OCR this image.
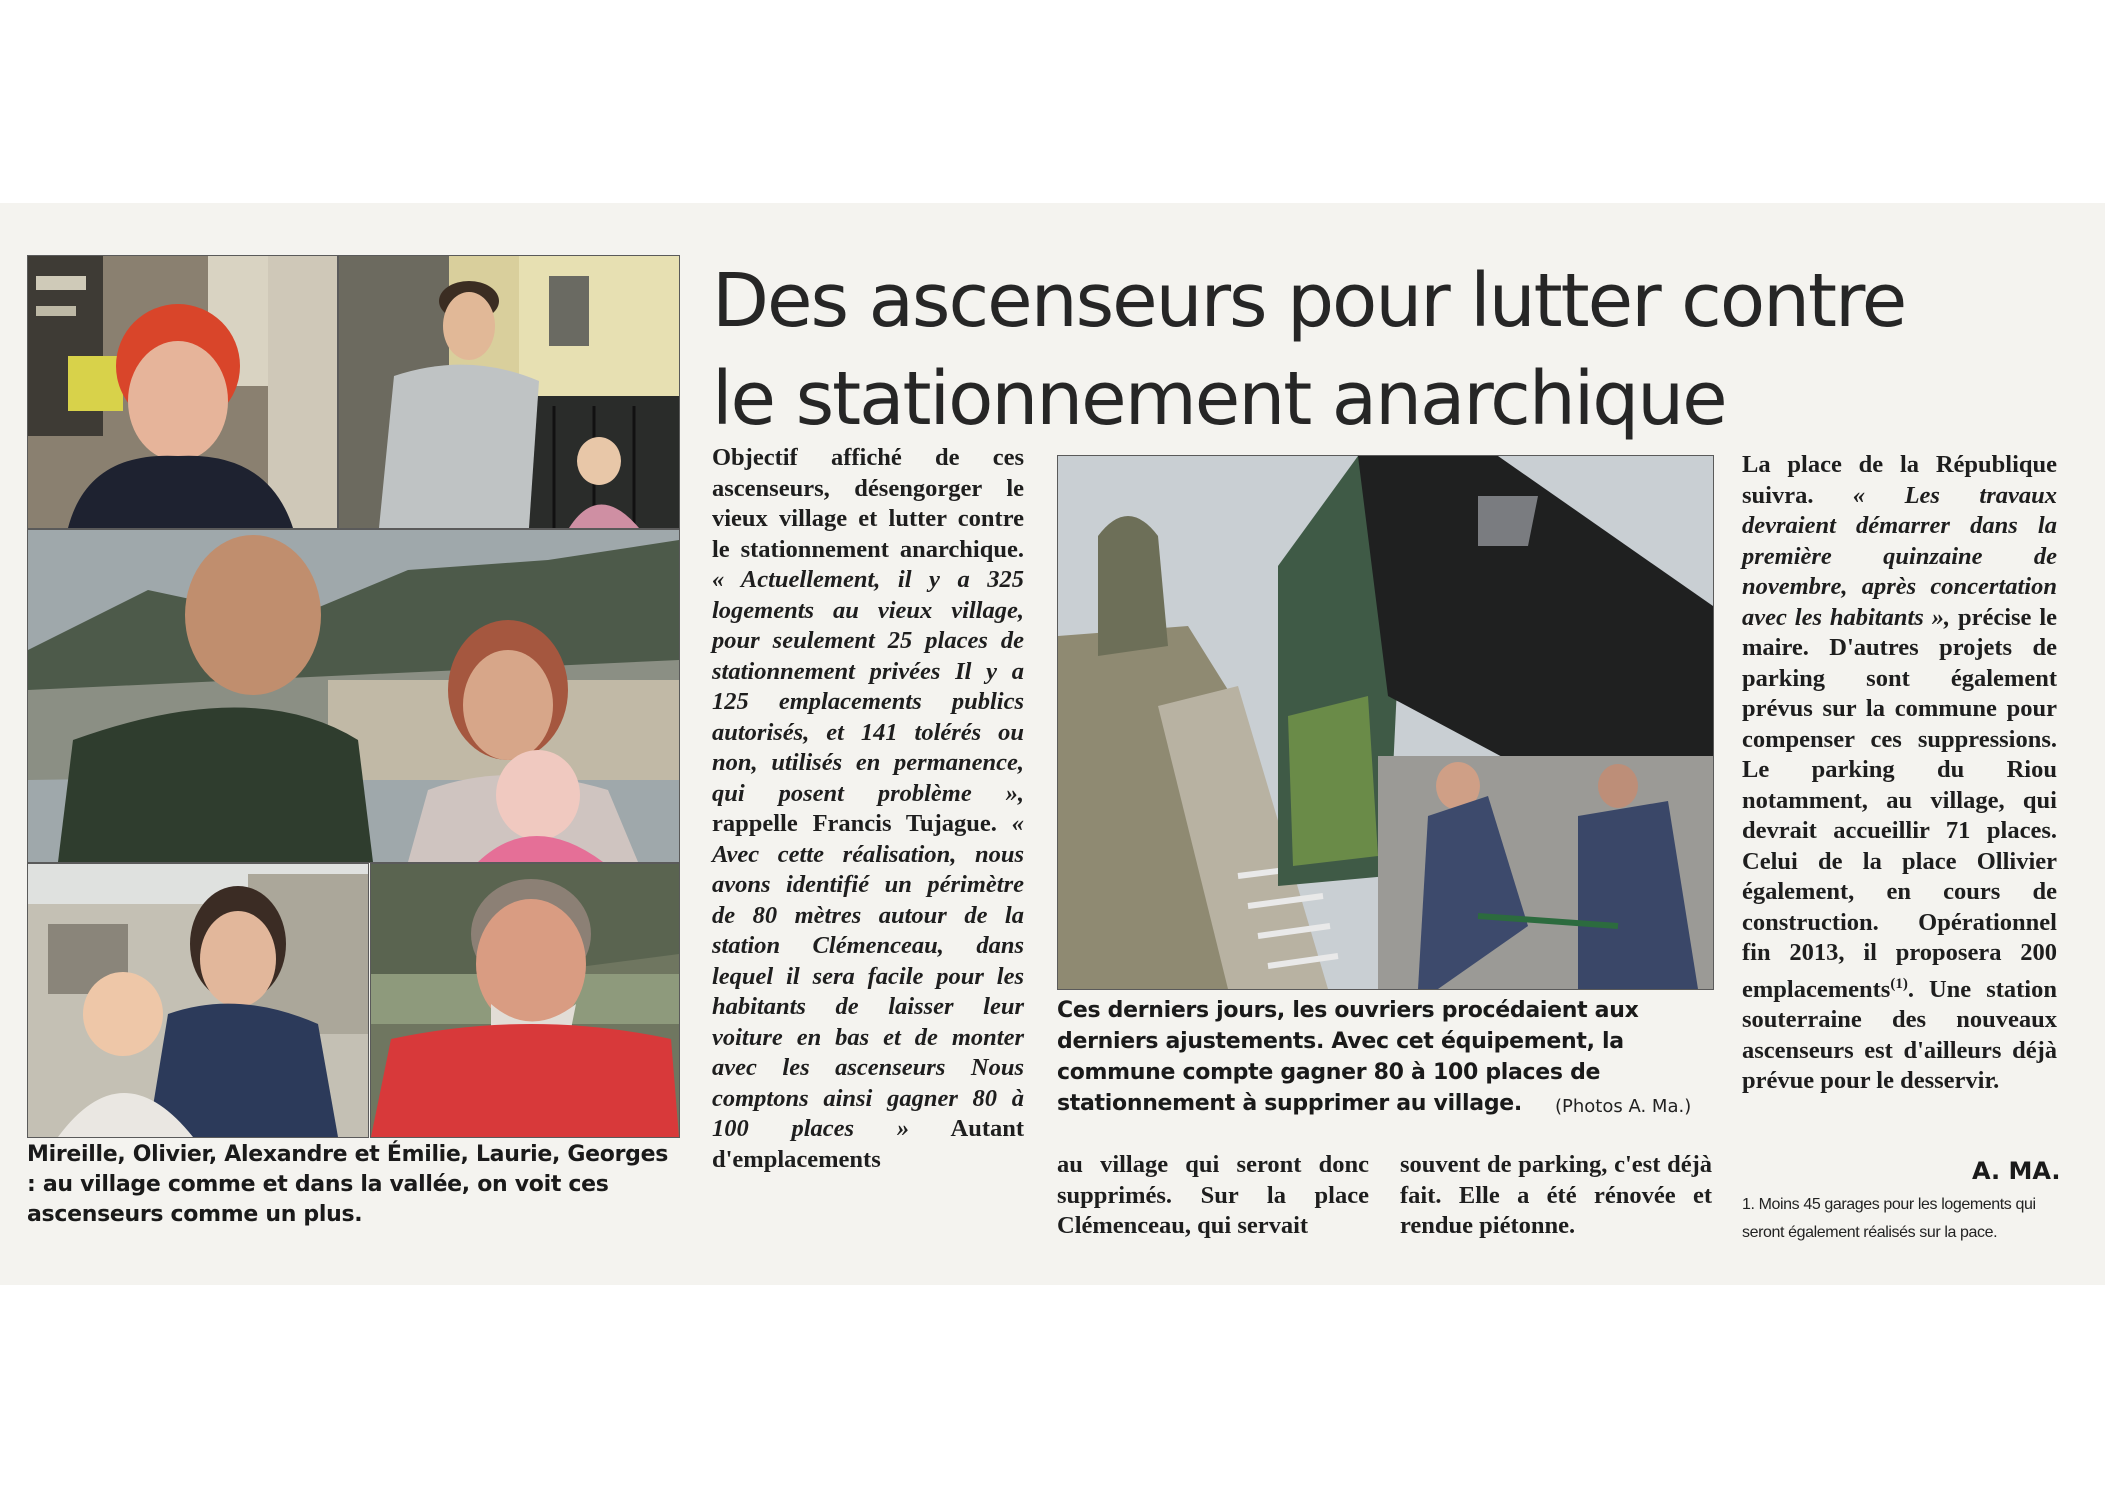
Des ascenseurs pour lutter contre
le stationnement anarchique

Mireille, Olivier, Alexandre et Émilie, Laurie, Georges : au village comme et dans la vallée, on voit ces ascenseurs comme un plus.

Objectif affiché de ces ascenseurs, désengorger le vieux village et lutter contre le stationnement anarchique. « Actuellement, il y a 325 logements au vieux village, pour seulement 25 places de stationnement privées Il y a 125 emplacements publics autorisés, et 141 tolérés ou non, utilisés en permanence, qui posent problème », rappelle Francis Tujague. « Avec cette réalisation, nous avons identifié un périmètre de 80 mètres autour de la station Clémenceau, dans lequel il sera facile pour les habitants de laisser leur voiture en bas et de monter avec les ascenseurs Nous comptons ainsi gagner 80 à 100 places » Autant d'emplacements

Ces derniers jours, les ouvriers procédaient aux derniers ajustements. Avec cet équipement, la commune compte gagner 80 à 100 places de stationnement à supprimer au village.	(Photos A. Ma.)

au village qui seront donc supprimés. Sur la place Clémenceau, qui servait

souvent de parking, c'est déjà fait. Elle a été rénovée et rendue piétonne.

La place de la République suivra. « Les travaux devraient démarrer dans la première quinzaine de novembre, après concertation avec les habitants », précise le maire. D'autres projets de parking sont également prévus sur la commune pour compenser ces suppressions. Le parking du Riou notamment, au village, qui devrait accueillir 71 places. Celui de la place Ollivier également, en cours de construction. Opérationnel fin 2013, il proposera 200 emplacements$^{(1)}$. Une station souterraine des nouveaux ascenseurs est d'ailleurs déjà prévue pour le desservir.
A. MA.

1. Moins 45 garages pour les logements qui seront également réalisés sur la pace.
